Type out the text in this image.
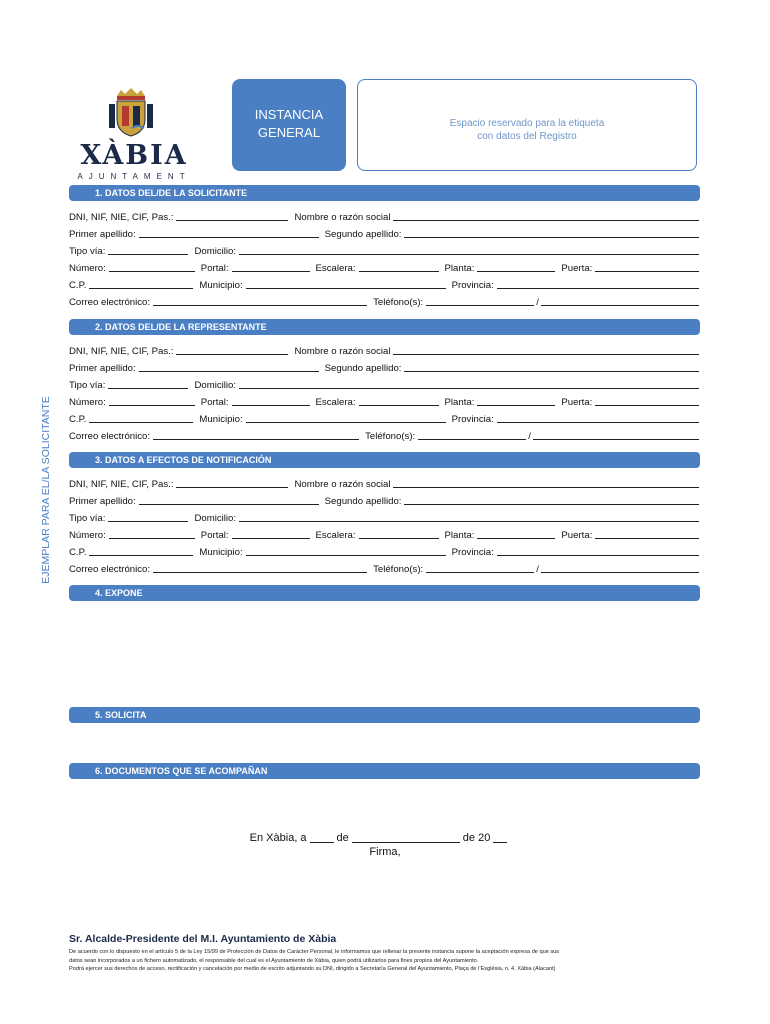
XÀBIA
AJUNTAMENT
INSTANCIA
GENERAL
Espacio reservado para la etiqueta
con datos del Registro
EJEMPLAR PARA EL/LA SOLICITANTE
1. DATOS DEL/DE LA SOLICITANTE
DNI, NIF, NIE, CIF, Pas.:	Nombre o razón social
Primer apellido:	Segundo apellido:
Tipo vía:	Domicilio:
Número:	Portal:	Escalera:	Planta:	Puerta:
C.P.	Municipio:	Provincia:
Correo electrónico:	Teléfono(s):	/
2. DATOS DEL/DE LA REPRESENTANTE
DNI, NIF, NIE, CIF, Pas.:	Nombre o razón social
Primer apellido:	Segundo apellido:
Tipo vía:	Domicilio:
Número:	Portal:	Escalera:	Planta:	Puerta:
C.P.	Municipio:	Provincia:
Correo electrónico:	Teléfono(s):	/
3. DATOS A EFECTOS DE NOTIFICACIÓN
DNI, NIF, NIE, CIF, Pas.:	Nombre o razón social
Primer apellido:	Segundo apellido:
Tipo vía:	Domicilio:
Número:	Portal:	Escalera:	Planta:	Puerta:
C.P.	Municipio:	Provincia:
Correo electrónico:	Teléfono(s):	/
4. EXPONE
5. SOLICITA
6. DOCUMENTOS QUE SE ACOMPAÑAN
En Xàbia, a	de	de 20
Firma,
Sr. Alcalde-Presidente del M.I. Ayuntamiento de Xàbia
De acuerdo con lo dispuesto en el artículo 5 de la Ley 15/99 de Protección de Datos de Carácter Personal, le informamos que rellenar la presente instancia supone la aceptación expresa de que sus
datos sean incorporados a un fichero automatizado, el responsable del cual es el Ayuntamiento de Xàbia, quien podrá utilizarlos para fines propios del Ayuntamiento.
Podrá ejercer sus derechos de acceso, rectificación y cancelación por medio de escrito adjuntando su DNI, dirigido a Secretaría General del Ayuntamiento, Plaça de l’Església, n. 4. Xàbia (Alacant)
